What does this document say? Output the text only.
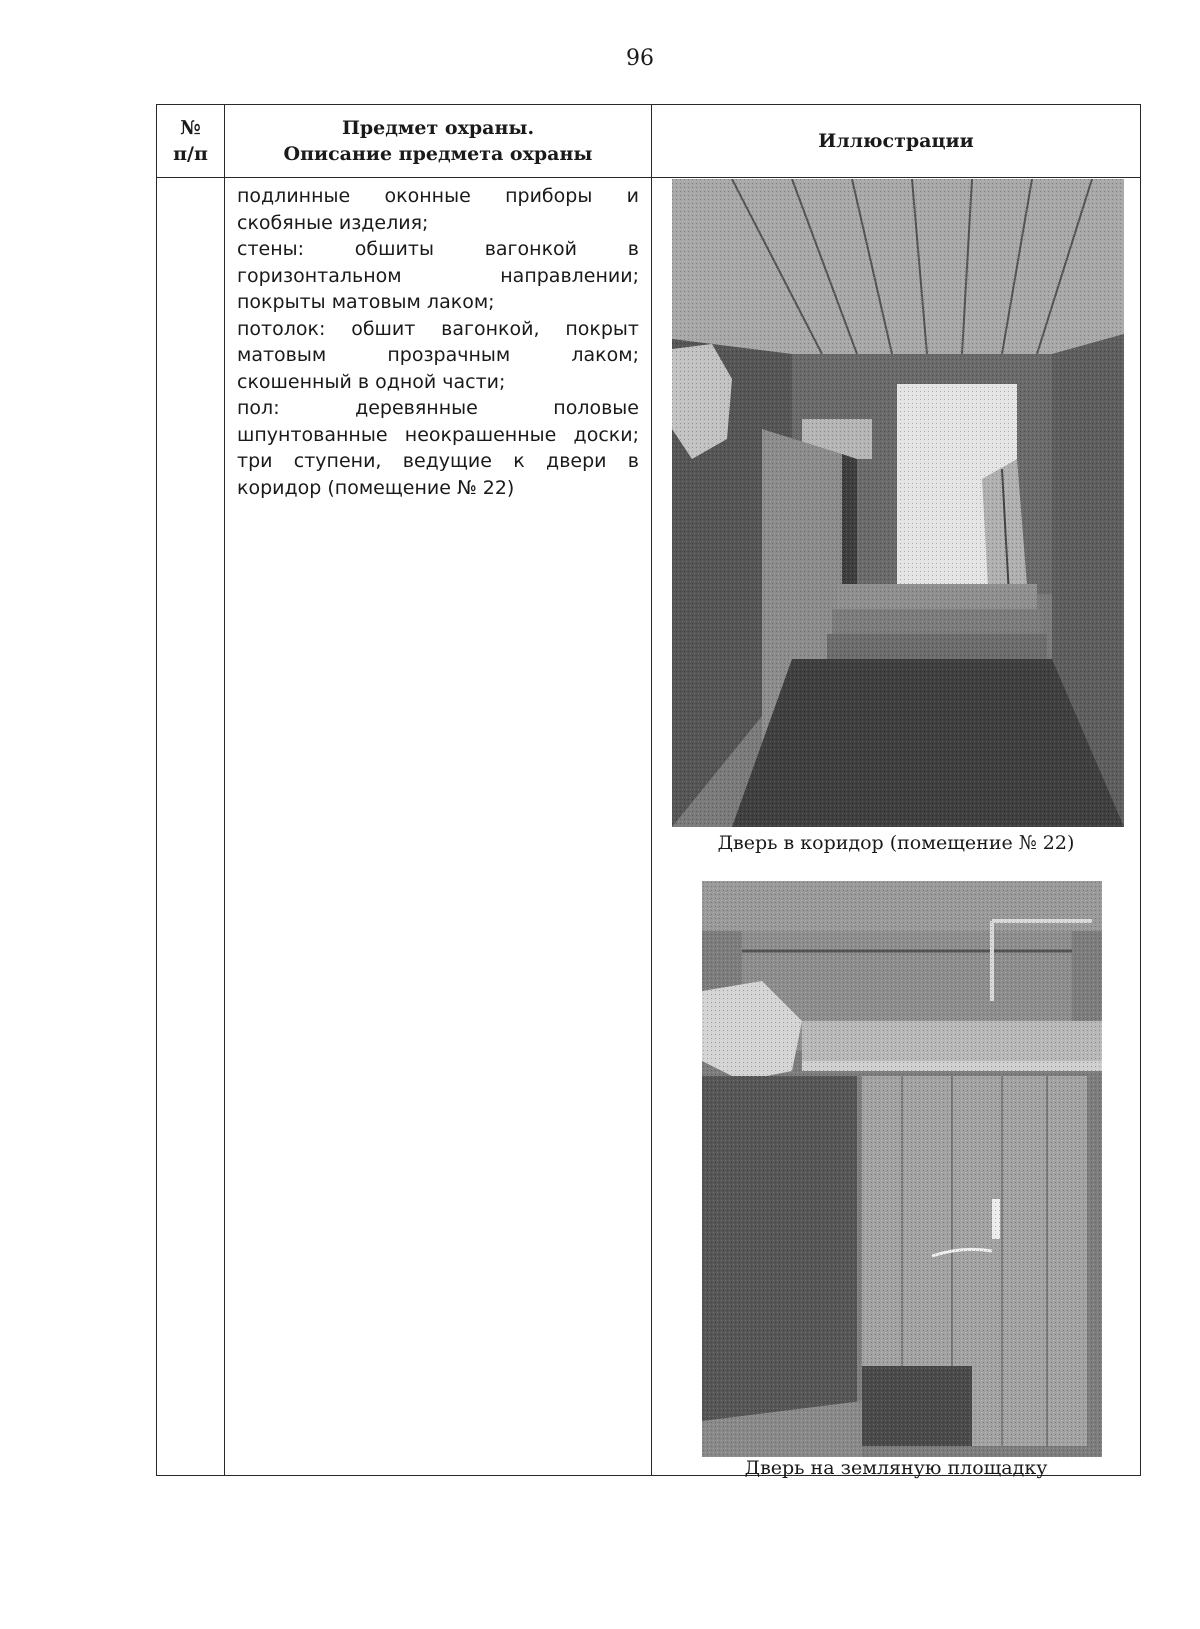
96
№
п/п
Предмет охраны.
Описание предмета охраны
Иллюстрации

подлинные оконные приборы и скобяные изделия;

стены: обшиты вагонкой в горизонтальном направлении; покрыты матовым лаком;

потолок: обшит вагонкой, покрыт матовым прозрачным лаком; скошенный в одной части;

пол: деревянные половые шпунтованные неокрашенные доски; три ступени, ведущие к двери в коридор (помещение № 22)

Дверь в коридор (помещение № 22)
Дверь на земляную площадку
